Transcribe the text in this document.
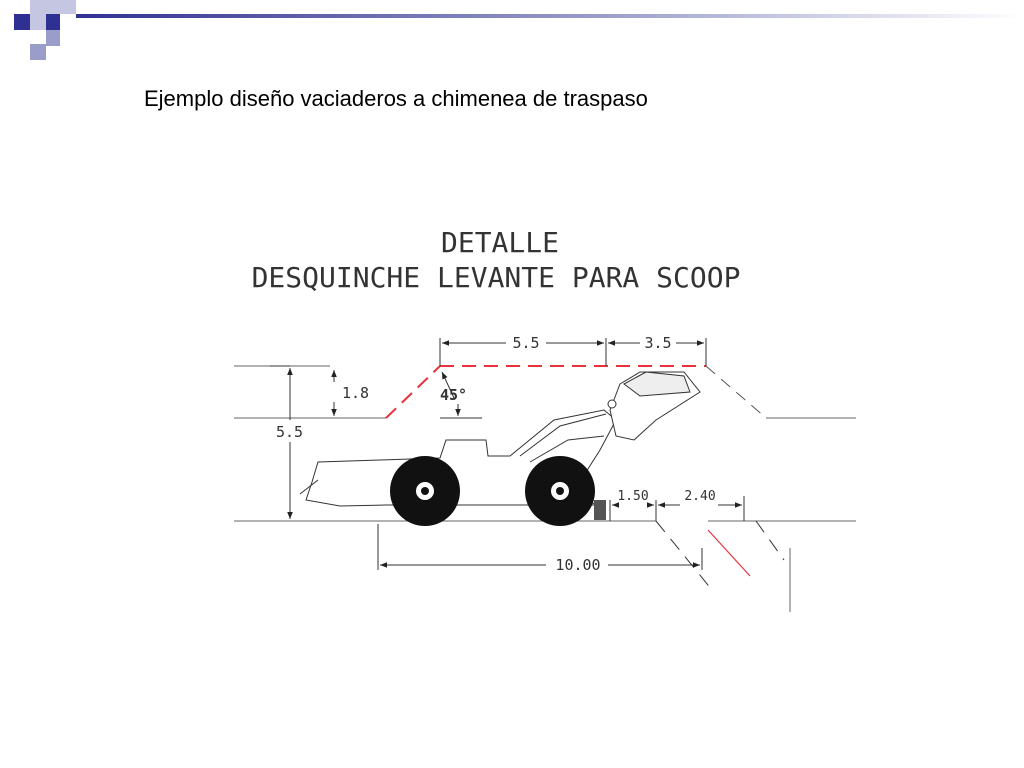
Ejemplo diseño vaciaderos a chimenea de traspaso
DETALLE
DESQUINCHE LEVANTE PARA SCOOP
5.5	3.5
1.8
5.5
45°
1.50	2.40
10.00
